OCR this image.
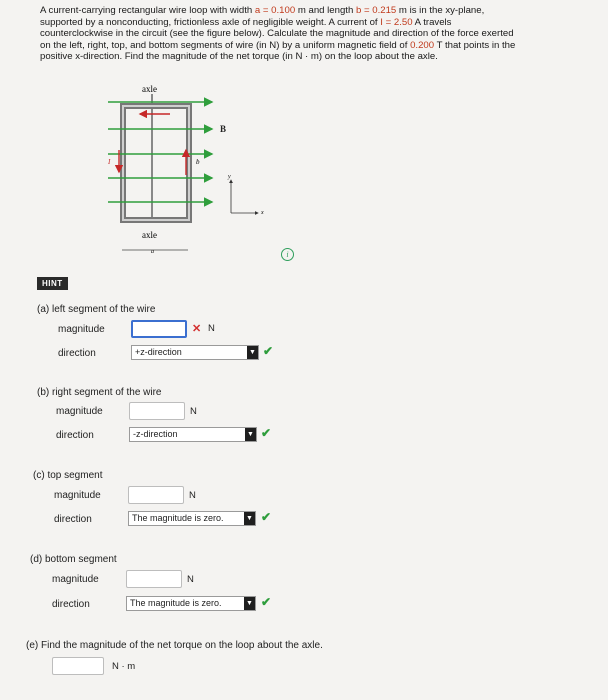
A current-carrying rectangular wire loop with width a = 0.100 m and length b = 0.215 m is in the xy-plane,
supported by a nonconducting, frictionless axle of negligible weight. A current of I = 2.50 A travels
counterclockwise in the circuit (see the figure below). Calculate the magnitude and direction of the force exerted
on the left, right, top, and bottom segments of wire (in N) by a uniform magnetic field of 0.200 T that points in the
positive x-direction. Find the magnitude of the net torque (in N · m) on the loop about the axle.
axle
B
I	b
axle
a
y
x
i
HINT
(a) left segment of the wire
magnitude	✕ N
direction	+z-direction	▼ ✔
(b) right segment of the wire
magnitude	N
direction	-z-direction	▼ ✔
(c) top segment
magnitude	N
direction	The magnitude is zero.	▼ ✔
(d) bottom segment
magnitude	N
direction	The magnitude is zero.	▼ ✔
(e) Find the magnitude of the net torque on the loop about the axle.
N · m
